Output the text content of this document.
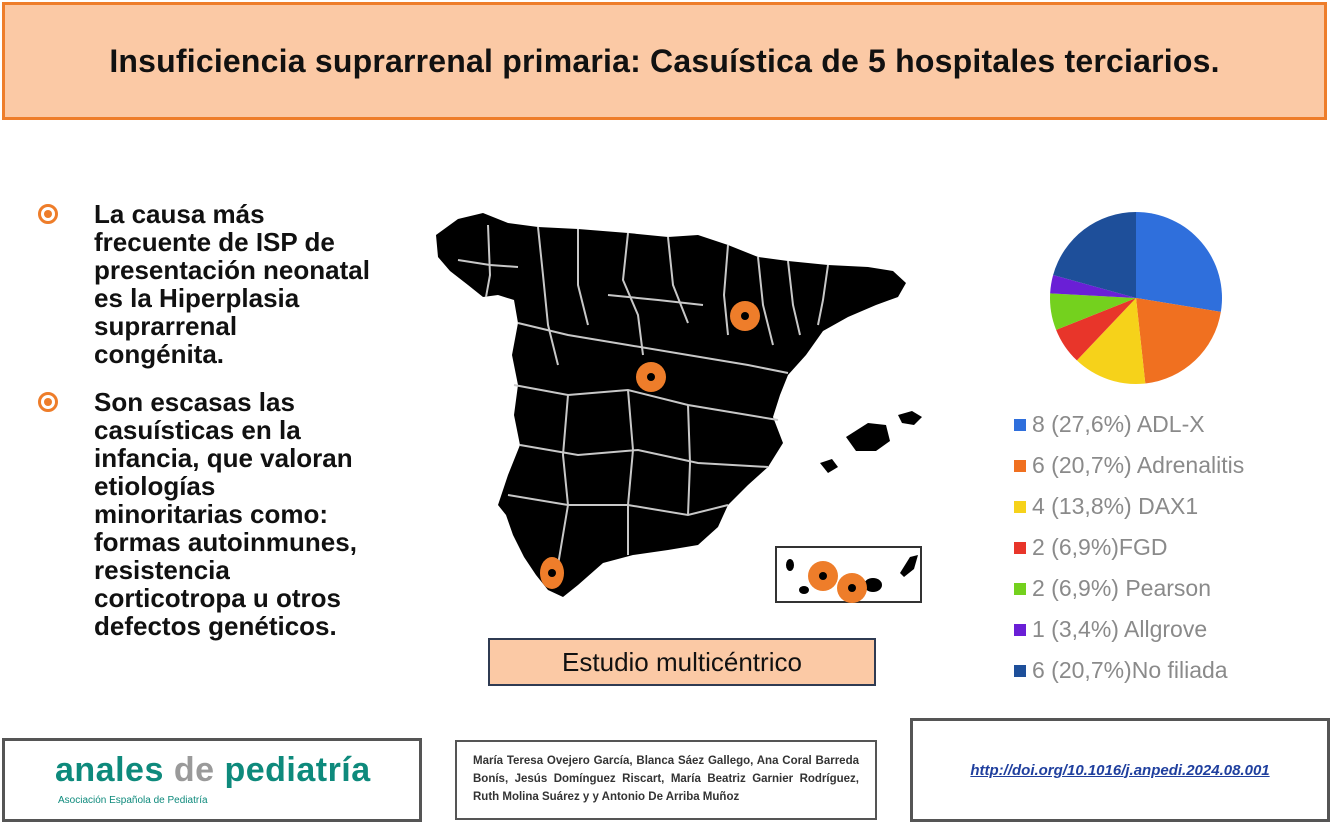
Insuficiencia suprarrenal primaria: Casuística de 5 hospitales terciarios.
La causa más
frecuente de ISP de
presentación neonatal
es la Hiperplasia
suprarrenal
congénita.
Son escasas las
casuísticas en la
infancia, que valoran
etiologías
minoritarias como:
formas autoinmunes,
resistencia
corticotropa u otros
defectos genéticos.
Estudio multicéntrico
8 (27,6%) ADL-X
6 (20,7%) Adrenalitis
4 (13,8%) DAX1
2 (6,9%)FGD
2 (6,9%) Pearson
1 (3,4%) Allgrove
6 (20,7%)No filiada
anales de pediatría
Asociación Española de Pediatría
María Teresa Ovejero García, Blanca Sáez Gallego, Ana Coral Barreda Bonís, Jesús Domínguez Riscart, María Beatriz Garnier Rodríguez, Ruth Molina Suárez y y Antonio De Arriba Muñoz
http://doi.org/10.1016/j.anpedi.2024.08.001
